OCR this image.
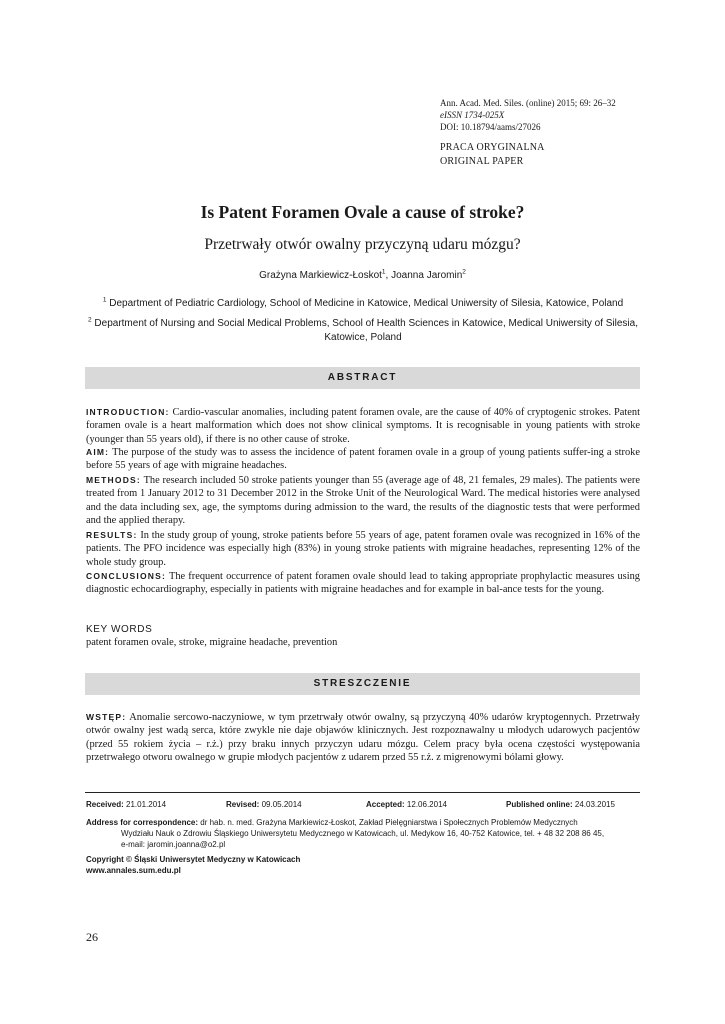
Ann. Acad. Med. Siles. (online) 2015; 69: 26–32
eISSN 1734-025X
DOI: 10.18794/aams/27026
PRACA ORYGINALNA
ORIGINAL PAPER
Is Patent Foramen Ovale a cause of stroke?
Przetrwały otwór owalny przyczyną udaru mózgu?
Grażyna Markiewicz-Łoskot$^1$, Joanna Jaromin$^2$
$^1$ Department of Pediatric Cardiology, School of Medicine in Katowice, Medical Uniwersity of Silesia, Katowice, Poland
$^2$ Department of Nursing and Social Medical Problems, School of Health Sciences in Katowice, Medical Uniwersity of Silesia, Katowice, Poland
ABSTRACT
INTRODUCTION: Cardio-vascular anomalies, including patent foramen ovale, are the cause of 40% of cryptogenic strokes. Patent foramen ovale is a heart malformation which does not show clinical symptoms. It is recognisable in young patients with stroke (younger than 55 years old), if there is no other cause of stroke.
AIM: The purpose of the study was to assess the incidence of patent foramen ovale in a group of young patients suffer-ing a stroke before 55 years of age with migraine headaches.
METHODS: The research included 50 stroke patients younger than 55 (average age of 48, 21 females, 29 males). The patients were treated from 1 January 2012 to 31 December 2012 in the Stroke Unit of the Neurological Ward. The medical histories were analysed and the data including sex, age, the symptoms during admission to the ward, the results of the diagnostic tests that were performed and the applied therapy.
RESULTS: In the study group of young, stroke patients before 55 years of age, patent foramen ovale was recognized in 16% of the patients. The PFO incidence was especially high (83%) in young stroke patients with migraine headaches, representing 12% of the whole study group.
CONCLUSIONS: The frequent occurrence of patent foramen ovale should lead to taking appropriate prophylactic measures using diagnostic echocardiography, especially in patients with migraine headaches and for example in bal-ance tests for the young.
KEY WORDS
patent foramen ovale, stroke, migraine headache, prevention
STRESZCZENIE
WSTĘP: Anomalie sercowo-naczyniowe, w tym przetrwały otwór owalny, są przyczyną 40% udarów kryptogennych. Przetrwały otwór owalny jest wadą serca, które zwykle nie daje objawów klinicznych. Jest rozpoznawalny u młodych udarowych pacjentów (przed 55 rokiem życia – r.ż.) przy braku innych przyczyn udaru mózgu. Celem pracy była ocena częstości występowania przetrwałego otworu owalnego w grupie młodych pacjentów z udarem przed 55 r.ż. z migrenowymi bólami głowy.
Received: 21.01.2014	Revised: 09.05.2014	Accepted: 12.06.2014	Published online: 24.03.2015
Address for correspondence: dr hab. n. med. Grażyna Markiewicz-Łoskot, Zakład Pielęgniarstwa i Społecznych Problemów Medycznych
Wydziału Nauk o Zdrowiu Śląskiego Uniwersytetu Medycznego w Katowicach, ul. Medykow 16, 40-752 Katowice, tel. + 48 32 208 86 45,
e-mail: jaromin.joanna@o2.pl
Copyright © Śląski Uniwersytet Medyczny w Katowicach
www.annales.sum.edu.pl
26
